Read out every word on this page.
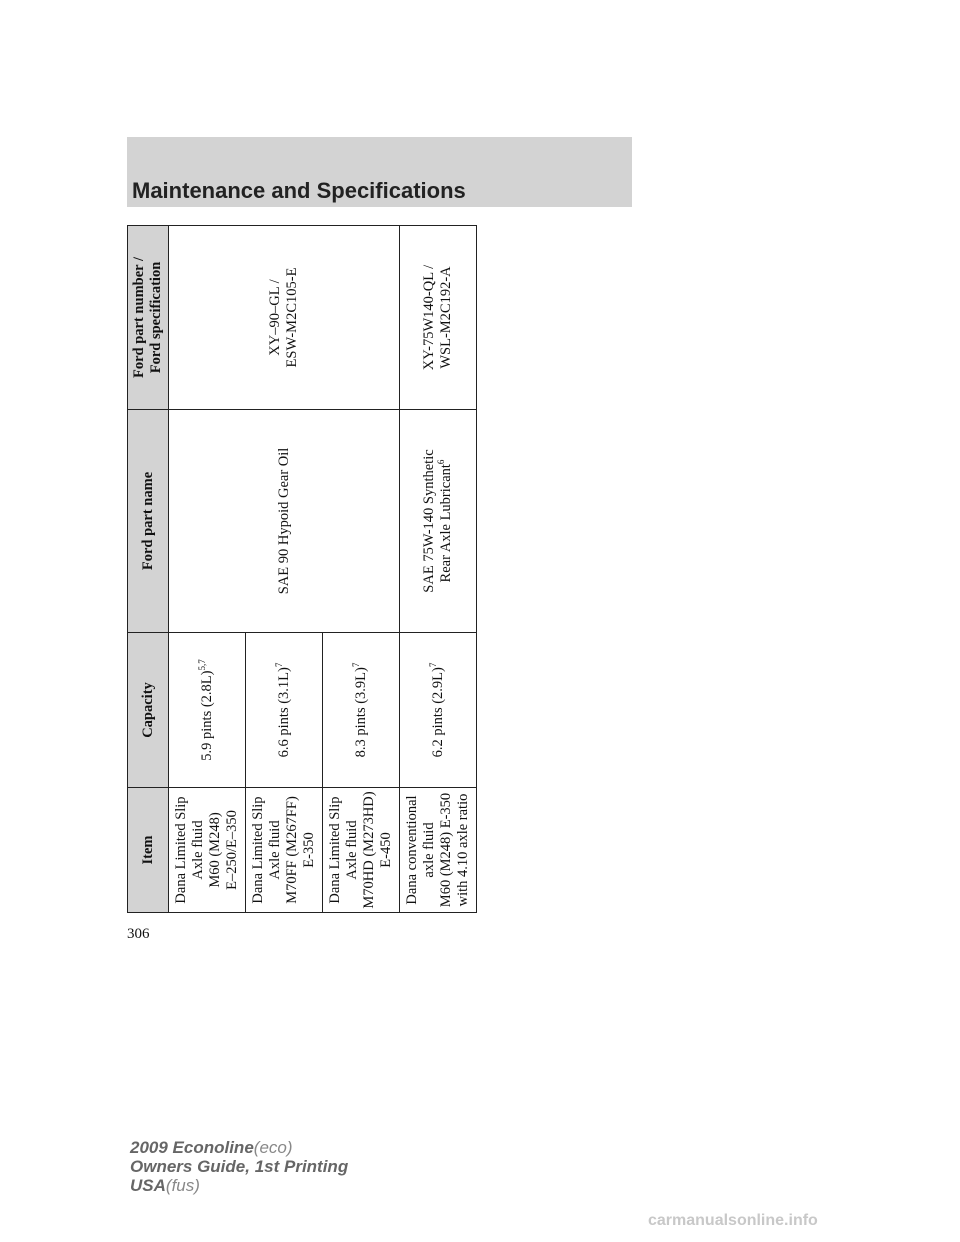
Maintenance and Specifications
Item	Capacity	Ford part name	Ford part number / Ford specification

Dana Limited Slip Axle fluid M60 (M248) E–250/E–350	5.9 pints $(2.8L)^{5,7}$	SAE 90 Hypoid Gear Oil	XY–90–GL / ESW-M2C105-E

Dana Limited Slip Axle fluid M70FF (M267FF) E-350	6.6 pints $(3.1L)^7$

Dana Limited Slip Axle fluid M70HD (M273HD) E-450	8.3 pints $(3.9L)^7$

Dana conventional axle fluid M60 (M248) E-350 with 4.10 axle ratio	6.2 pints $(2.9L)^7$	SAE 75W-140 Synthetic Rear Axle Lubricant$^6$	XY-75W140-QL / WSL-M2C192-A
306
2009 Econoline(eco)
Owners Guide, 1st Printing
USA(fus)
carmanualsonline.info
